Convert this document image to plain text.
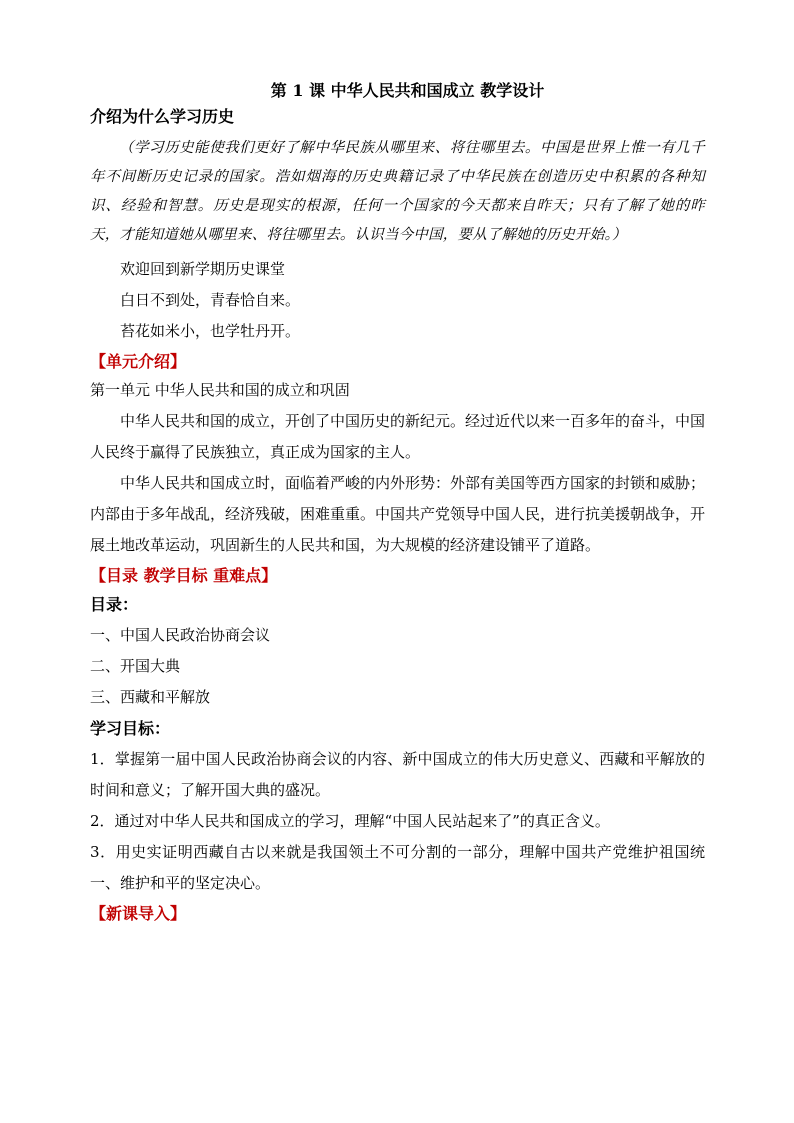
第 1 课 中华人民共和国成立 教学设计

介绍为什么学习历史

（学习历史能使我们更好了解中华民族从哪里来、将往哪里去。中国是世界上惟一有几千年不间断历史记录的国家。浩如烟海的历史典籍记录了中华民族在创造历史中积累的各种知识、经验和智慧。历史是现实的根源，任何一个国家的今天都来自昨天；只有了解了她的昨天，才能知道她从哪里来、将往哪里去。认识当今中国，要从了解她的历史开始。）

欢迎回到新学期历史课堂

白日不到处，青春恰自来。

苔花如米小，也学牡丹开。

【单元介绍】

第一单元 中华人民共和国的成立和巩固

中华人民共和国的成立，开创了中国历史的新纪元。经过近代以来一百多年的奋斗，中国人民终于赢得了民族独立，真正成为国家的主人。

中华人民共和国成立时，面临着严峻的内外形势：外部有美国等西方国家的封锁和威胁；内部由于多年战乱，经济残破，困难重重。中国共产党领导中国人民，进行抗美援朝战争，开展土地改革运动，巩固新生的人民共和国，为大规模的经济建设铺平了道路。

【目录 教学目标 重难点】

目录：

一、中国人民政治协商会议

二、开国大典

三、西藏和平解放

学习目标：

1．掌握第一届中国人民政治协商会议的内容、新中国成立的伟大历史意义、西藏和平解放的时间和意义；了解开国大典的盛况。

2．通过对中华人民共和国成立的学习，理解“中国人民站起来了”的真正含义。

3．用史实证明西藏自古以来就是我国领土不可分割的一部分，理解中国共产党维护祖国统一、维护和平的坚定决心。

【新课导入】
